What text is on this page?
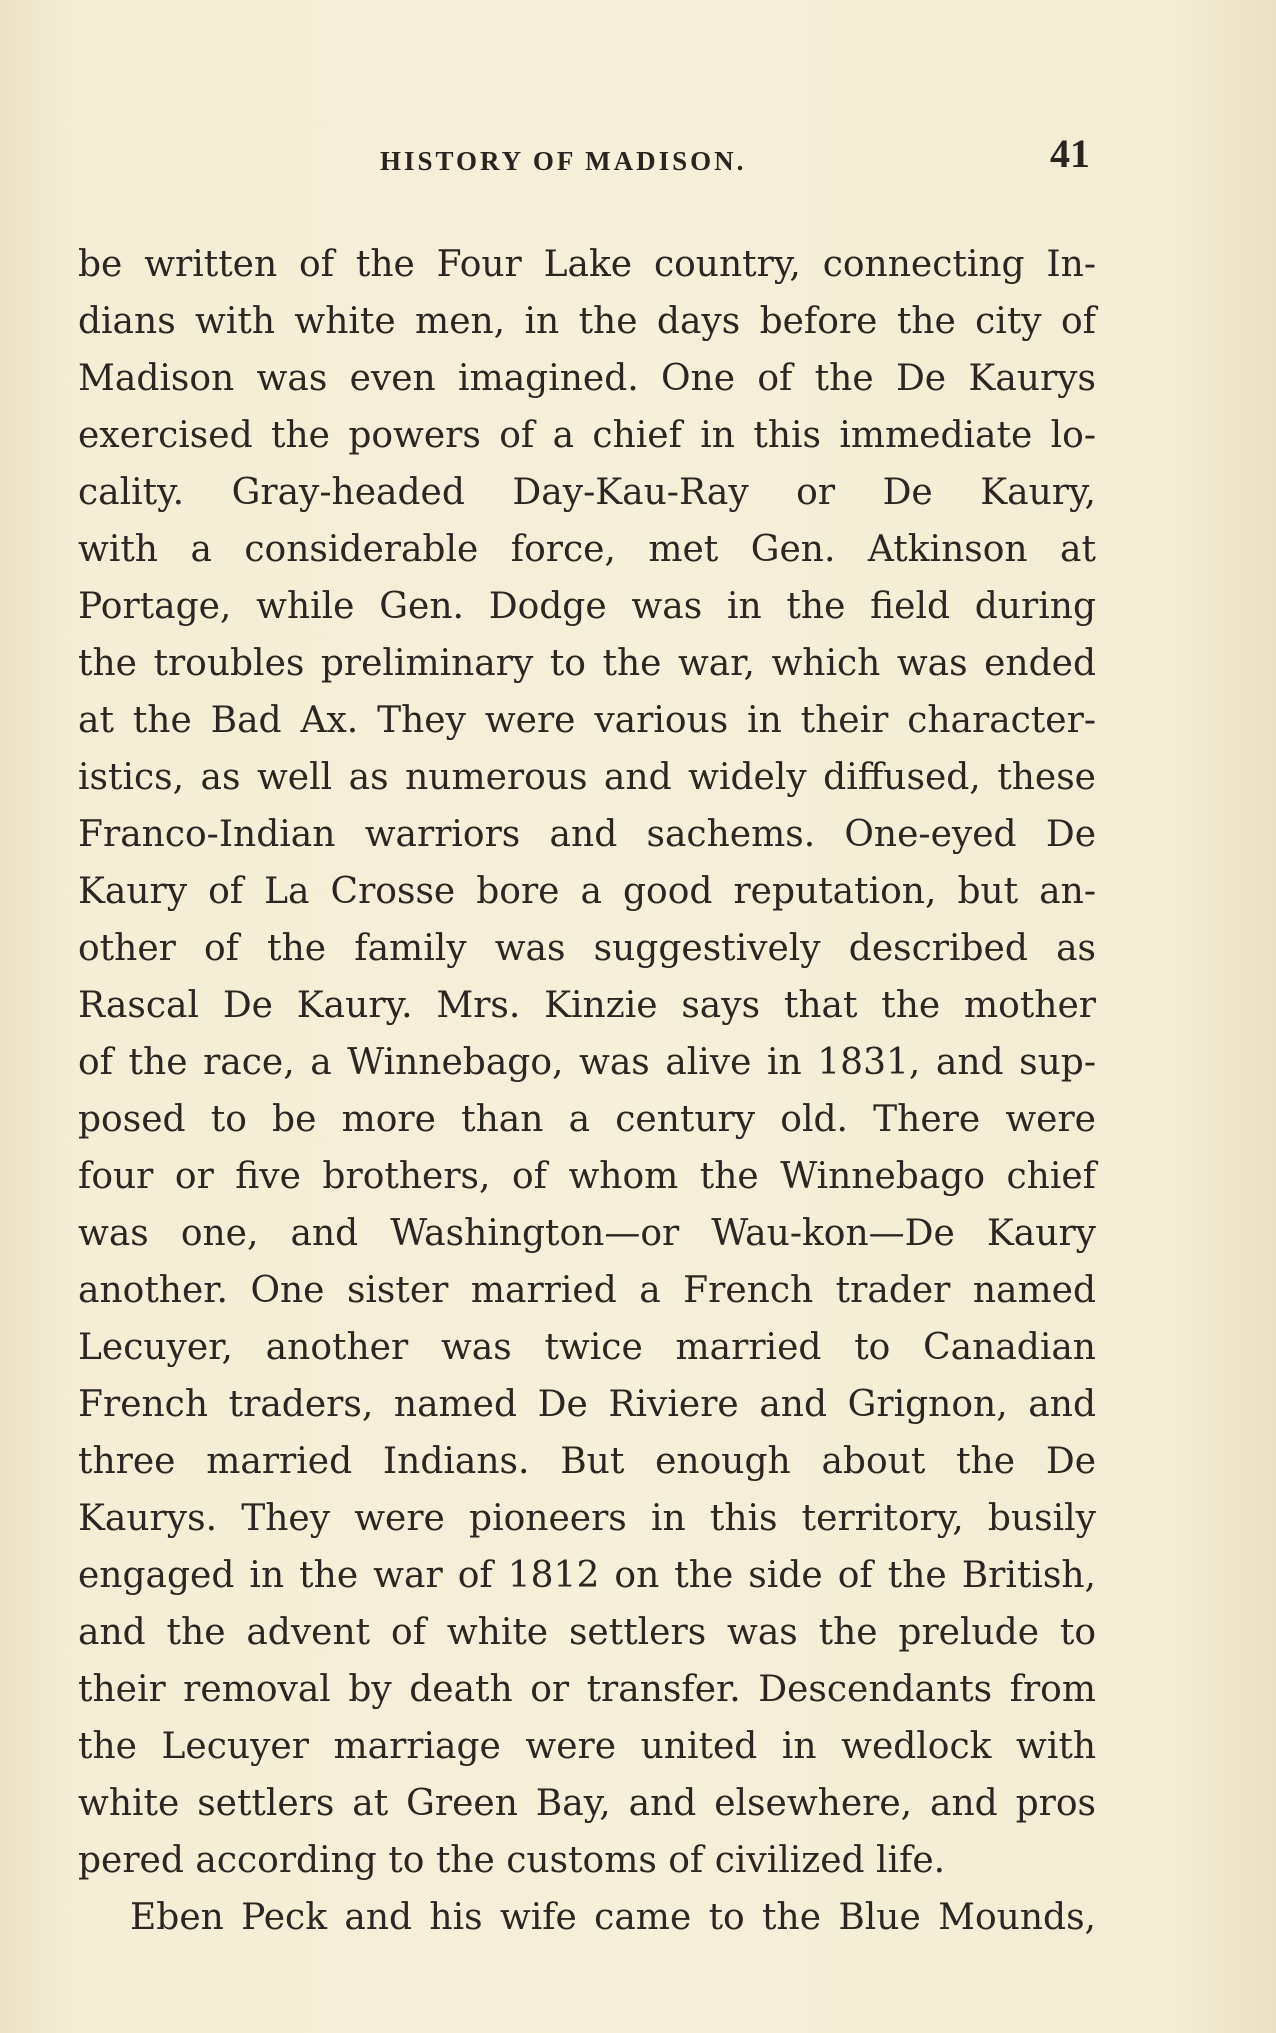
HISTORY OF MADISON.	41
be written of the Four Lake country, connecting In-
dians with white men, in the days before the city of
Madison was even imagined. One of the De Kaurys
exercised the powers of a chief in this immediate lo-
cality. Gray-headed Day-Kau-Ray or De Kaury,
with a considerable force, met Gen. Atkinson at
Portage, while Gen. Dodge was in the field during
the troubles preliminary to the war, which was ended
at the Bad Ax. They were various in their character-
istics, as well as numerous and widely diffused, these
Franco-Indian warriors and sachems. One-eyed De
Kaury of La Crosse bore a good reputation, but an-
other of the family was suggestively described as
Rascal De Kaury. Mrs. Kinzie says that the mother
of the race, a Winnebago, was alive in 1831, and sup-
posed to be more than a century old. There were
four or five brothers, of whom the Winnebago chief
was one, and Washington—or Wau-kon—De Kaury
another. One sister married a French trader named
Lecuyer, another was twice married to Canadian
French traders, named De Riviere and Grignon, and
three married Indians. But enough about the De
Kaurys. They were pioneers in this territory, busily
engaged in the war of 1812 on the side of the British,
and the advent of white settlers was the prelude to
their removal by death or transfer. Descendants from
the Lecuyer marriage were united in wedlock with
white settlers at Green Bay, and elsewhere, and pros
pered according to the customs of civilized life.
Eben Peck and his wife came to the Blue Mounds,
